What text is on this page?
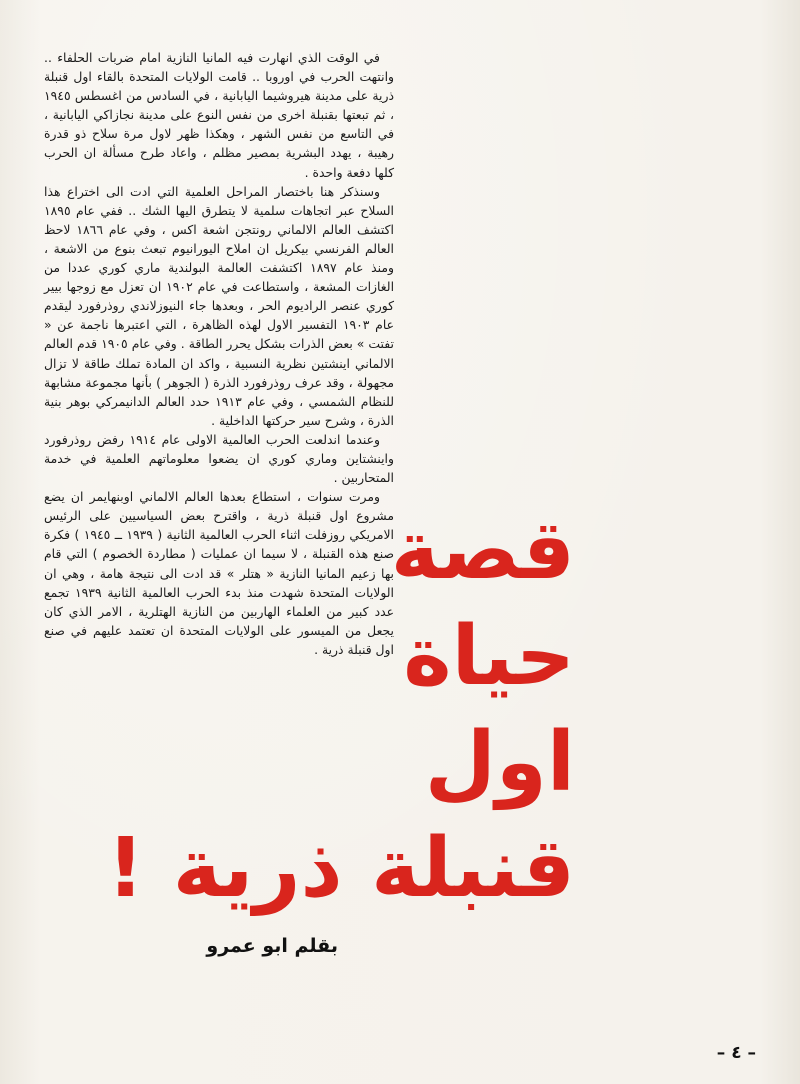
في الوقت الذي انهارت فيه المانيا النازية امام ضربات الحلفاء .. وانتهت الحرب في اوروبا .. قامت الولايات المتحدة بالقاء اول قنبلة ذرية على مدينة هيروشيما اليابانية ، في السادس من اغسطس ١٩٤٥ ، ثم تبعتها بقنبلة اخرى من نفس النوع على مدينة نجازاكي اليابانية ، في التاسع من نفس الشهر ، وهكذا ظهر لاول مرة سلاح ذو قدرة رهيبة ، يهدد البشرية بمصير مظلم ، واعاد طرح مسألة ان الحرب كلها دفعة واحدة .

وسنذكر هنا باختصار المراحل العلمية التي ادت الى اختراع هذا السلاح عبر اتجاهات سلمية لا يتطرق اليها الشك .. ففي عام ١٨٩٥ اكتشف العالم الالماني رونتجن اشعة اكس ، وفي عام ١٨٦٦ لاحظ العالم الفرنسي بيكريل ان املاح اليورانيوم تبعث بنوع من الاشعة ، ومنذ عام ١٨٩٧ اكتشفت العالمة البولندية ماري كوري عددا من الغازات المشعة ، واستطاعت في عام ١٩٠٢ ان تعزل مع زوجها بيير كوري عنصر الراديوم الحر ، وبعدها جاء النيوزلاندي روذرفورد ليقدم عام ١٩٠٣ التفسير الاول لهذه الظاهرة ، التي اعتبرها ناجمة عن « تفتت » بعض الذرات بشكل يحرر الطاقة . وفي عام ١٩٠٥ قدم العالم الالماني اينشتين نظرية النسبية ، واكد ان المادة تملك طاقة لا تزال مجهولة ، وقد عرف روذرفورد الذرة ( الجوهر ) بأنها مجموعة مشابهة للنظام الشمسي ، وفي عام ١٩١٣ حدد العالم الدانيمركي بوهر بنية الذرة ، وشرح سير حركتها الداخلية .

وعندما اندلعت الحرب العالمية الاولى عام ١٩١٤ رفض روذرفورد واينشتاين وماري كوري ان يضعوا معلوماتهم العلمية في خدمة المتحاربين .

ومرت سنوات ، استطاع بعدها العالم الالماني اوبنهايمر ان يضع مشروع اول قنبلة ذرية ، واقترح بعض السياسيين على الرئيس الامريكي روزفلت اثناء الحرب العالمية الثانية ( ١٩٣٩ ــ ١٩٤٥ ) فكرة صنع هذه القنبلة ، لا سيما ان عمليات ( مطاردة الخصوم ) التي قام بها زعيم المانيا النازية « هتلر » قد ادت الى نتيجة هامة ، وهي ان الولايات المتحدة شهدت منذ بدء الحرب العالمية الثانية ١٩٣٩ تجمع عدد كبير من العلماء الهاربين من النازية الهتلرية ، الامر الذي كان يجعل من الميسور على الولايات المتحدة ان تعتمد عليهم في صنع اول قنبلة ذرية .

قصة
حياة
اول
قنبلة ذرية !
بقلم ابو عمرو
– ٤ –
